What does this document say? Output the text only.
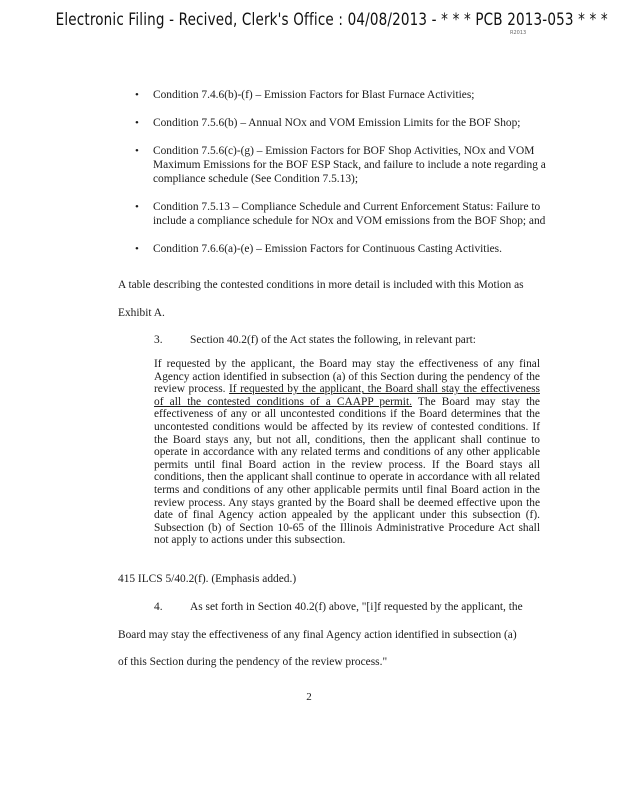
Electronic Filing - Recived, Clerk's Office : 04/08/2013 - * * * PCB 2013-053 * * *
R2013
• Condition 7.4.6(b)-(f) – Emission Factors for Blast Furnace Activities;
• Condition 7.5.6(b) – Annual NOx and VOM Emission Limits for the BOF Shop;
• Condition 7.5.6(c)-(g) – Emission Factors for BOF Shop Activities, NOx and VOM Maximum Emissions for the BOF ESP Stack, and failure to include a note regarding a compliance schedule (See Condition 7.5.13);
• Condition 7.5.13 – Compliance Schedule and Current Enforcement Status: Failure to include a compliance schedule for NOx and VOM emissions from the BOF Shop; and
• Condition 7.6.6(a)-(e) – Emission Factors for Continuous Casting Activities.
A table describing the contested conditions in more detail is included with this Motion as
Exhibit A.
3. Section 40.2(f) of the Act states the following, in relevant part:
If requested by the applicant, the Board may stay the effectiveness of any final Agency action identified in subsection (a) of this Section during the pendency of the review process. If requested by the applicant, the Board shall stay the effectiveness of all the contested conditions of a CAAPP permit. The Board may stay the effectiveness of any or all uncontested conditions if the Board determines that the uncontested conditions would be affected by its review of contested conditions. If the Board stays any, but not all, conditions, then the applicant shall continue to operate in accordance with any related terms and conditions of any other applicable permits until final Board action in the review process. If the Board stays all conditions, then the applicant shall continue to operate in accordance with all related terms and conditions of any other applicable permits until final Board action in the review process. Any stays granted by the Board shall be deemed effective upon the date of final Agency action appealed by the applicant under this subsection (f). Subsection (b) of Section 10-65 of the Illinois Administrative Procedure Act shall not apply to actions under this subsection.
415 ILCS 5/40.2(f). (Emphasis added.)
4. As set forth in Section 40.2(f) above, "[i]f requested by the applicant, the
Board may stay the effectiveness of any final Agency action identified in subsection (a)
of this Section during the pendency of the review process."
2
